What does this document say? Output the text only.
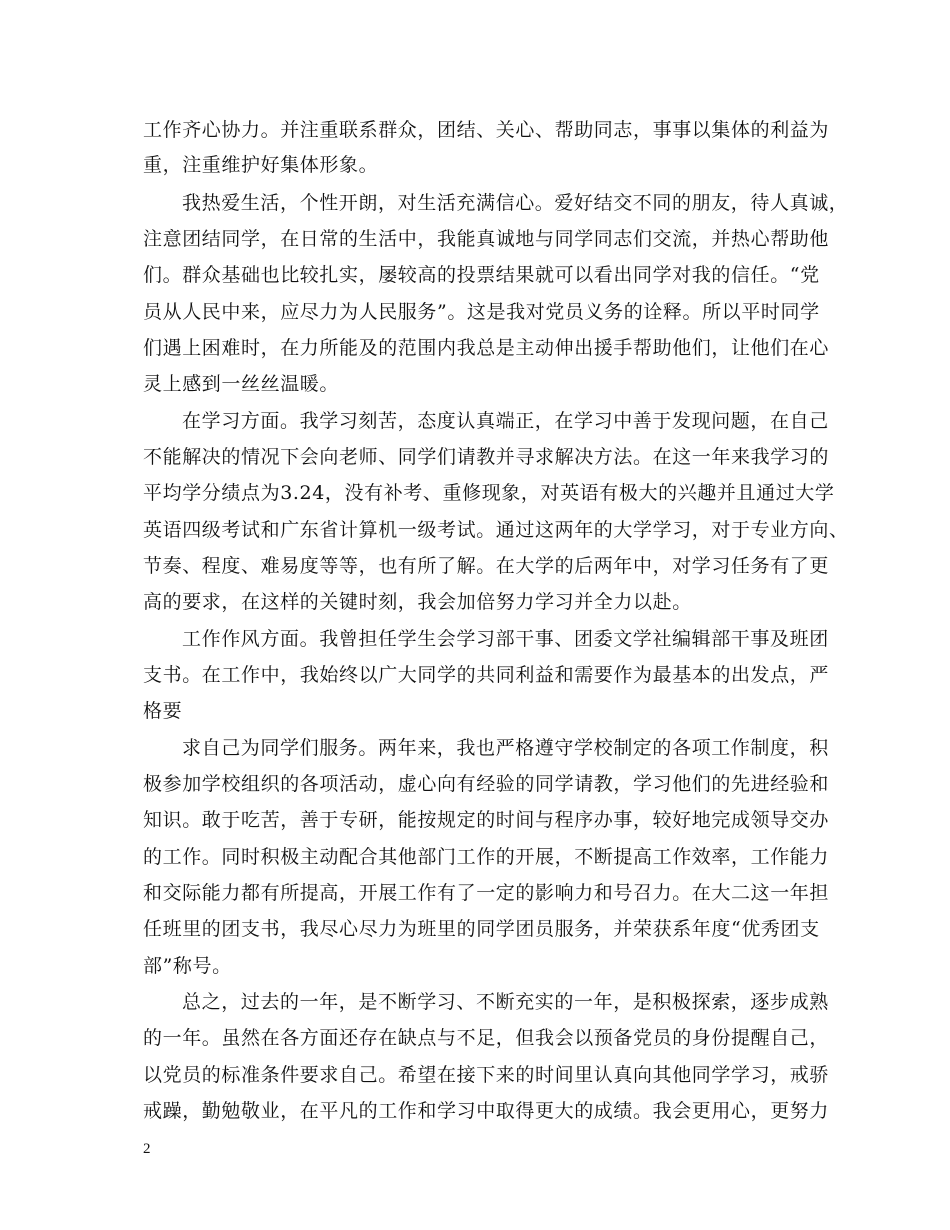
工作齐心协力。并注重联系群众，团结、关心、帮助同志，事事以集体的利益为
重，注重维护好集体形象。
我热爱生活，个性开朗，对生活充满信心。爱好结交不同的朋友，待人真诚，
注意团结同学，在日常的生活中，我能真诚地与同学同志们交流，并热心帮助他
们。群众基础也比较扎实，屡较高的投票结果就可以看出同学对我的信任。“党
员从人民中来，应尽力为人民服务”。这是我对党员义务的诠释。所以平时同学
们遇上困难时，在力所能及的范围内我总是主动伸出援手帮助他们，让他们在心
灵上感到一丝丝温暖。
在学习方面。我学习刻苦，态度认真端正，在学习中善于发现问题，在自己
不能解决的情况下会向老师、同学们请教并寻求解决方法。在这一年来我学习的
平均学分绩点为3.24，没有补考、重修现象，对英语有极大的兴趣并且通过大学
英语四级考试和广东省计算机一级考试。通过这两年的大学学习，对于专业方向、
节奏、程度、难易度等等，也有所了解。在大学的后两年中，对学习任务有了更
高的要求，在这样的关键时刻，我会加倍努力学习并全力以赴。
工作作风方面。我曾担任学生会学习部干事、团委文学社编辑部干事及班团
支书。在工作中，我始终以广大同学的共同利益和需要作为最基本的出发点，严
格要
求自己为同学们服务。两年来，我也严格遵守学校制定的各项工作制度，积
极参加学校组织的各项活动，虚心向有经验的同学请教，学习他们的先进经验和
知识。敢于吃苦，善于专研，能按规定的时间与程序办事，较好地完成领导交办
的工作。同时积极主动配合其他部门工作的开展，不断提高工作效率，工作能力
和交际能力都有所提高，开展工作有了一定的影响力和号召力。在大二这一年担
任班里的团支书，我尽心尽力为班里的同学团员服务，并荣获系年度“优秀团支
部”称号。
总之，过去的一年，是不断学习、不断充实的一年，是积极探索，逐步成熟
的一年。虽然在各方面还存在缺点与不足，但我会以预备党员的身份提醒自己，
以党员的标准条件要求自己。希望在接下来的时间里认真向其他同学学习，戒骄
戒躁，勤勉敬业，在平凡的工作和学习中取得更大的成绩。我会更用心，更努力
2
